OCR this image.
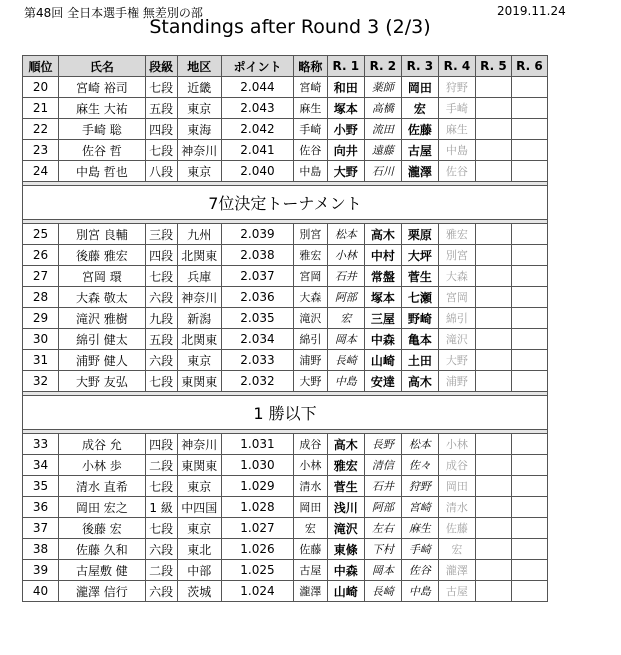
第48回 全日本選手権 無差別の部	2019.11.24
Standings after Round 3 (2/3)
順位	氏名	段級	地区	ポイント	略称	R. 1	R. 2	R. 3	R. 4	R. 5	R. 6
20	宮崎 裕司	七段	近畿	2.044	宮崎	和田	薬師	岡田	狩野		
21	麻生 大祐	五段	東京	2.043	麻生	塚本	高橋	宏	手崎		
22	手崎 聡	四段	東海	2.042	手崎	小野	流田	佐藤	麻生		
23	佐谷 哲	七段	神奈川	2.041	佐谷	向井	遠藤	古屋	中島		
24	中島 哲也	八段	東京	2.040	中島	大野	石川	瀧澤	佐谷		

7位決定トーナメント											

25	別宮 良輔	三段	九州	2.039	別宮	松本	高木	栗原	雅宏		
26	後藤 雅宏	四段	北関東	2.038	雅宏	小林	中村	大坪	別宮		
27	宮岡 環	七段	兵庫	2.037	宮岡	石井	常盤	菅生	大森		
28	大森 敬太	六段	神奈川	2.036	大森	阿部	塚本	七瀬	宮岡		
29	滝沢 雅樹	九段	新潟	2.035	滝沢	宏	三屋	野崎	綿引		
30	綿引 健太	五段	北関東	2.034	綿引	岡本	中森	亀本	滝沢		
31	浦野 健人	六段	東京	2.033	浦野	長崎	山崎	土田	大野		
32	大野 友弘	七段	東関東	2.032	大野	中島	安達	高木	浦野		

1 勝以下											

33	成谷 允	四段	神奈川	1.031	成谷	高木	長野	松本	小林		
34	小林 歩	二段	東関東	1.030	小林	雅宏	清信	佐々	成谷		
35	清水 直希	七段	東京	1.029	清水	菅生	石井	狩野	岡田		
36	岡田 宏之	1 級	中四国	1.028	岡田	浅川	阿部	宮崎	清水		
37	後藤 宏	七段	東京	1.027	宏	滝沢	左右	麻生	佐藤		
38	佐藤 久和	六段	東北	1.026	佐藤	東條	下村	手崎	宏		
39	古屋敷 健	二段	中部	1.025	古屋	中森	岡本	佐谷	瀧澤		
40	瀧澤 信行	六段	茨城	1.024	瀧澤	山崎	長崎	中島	古屋		
